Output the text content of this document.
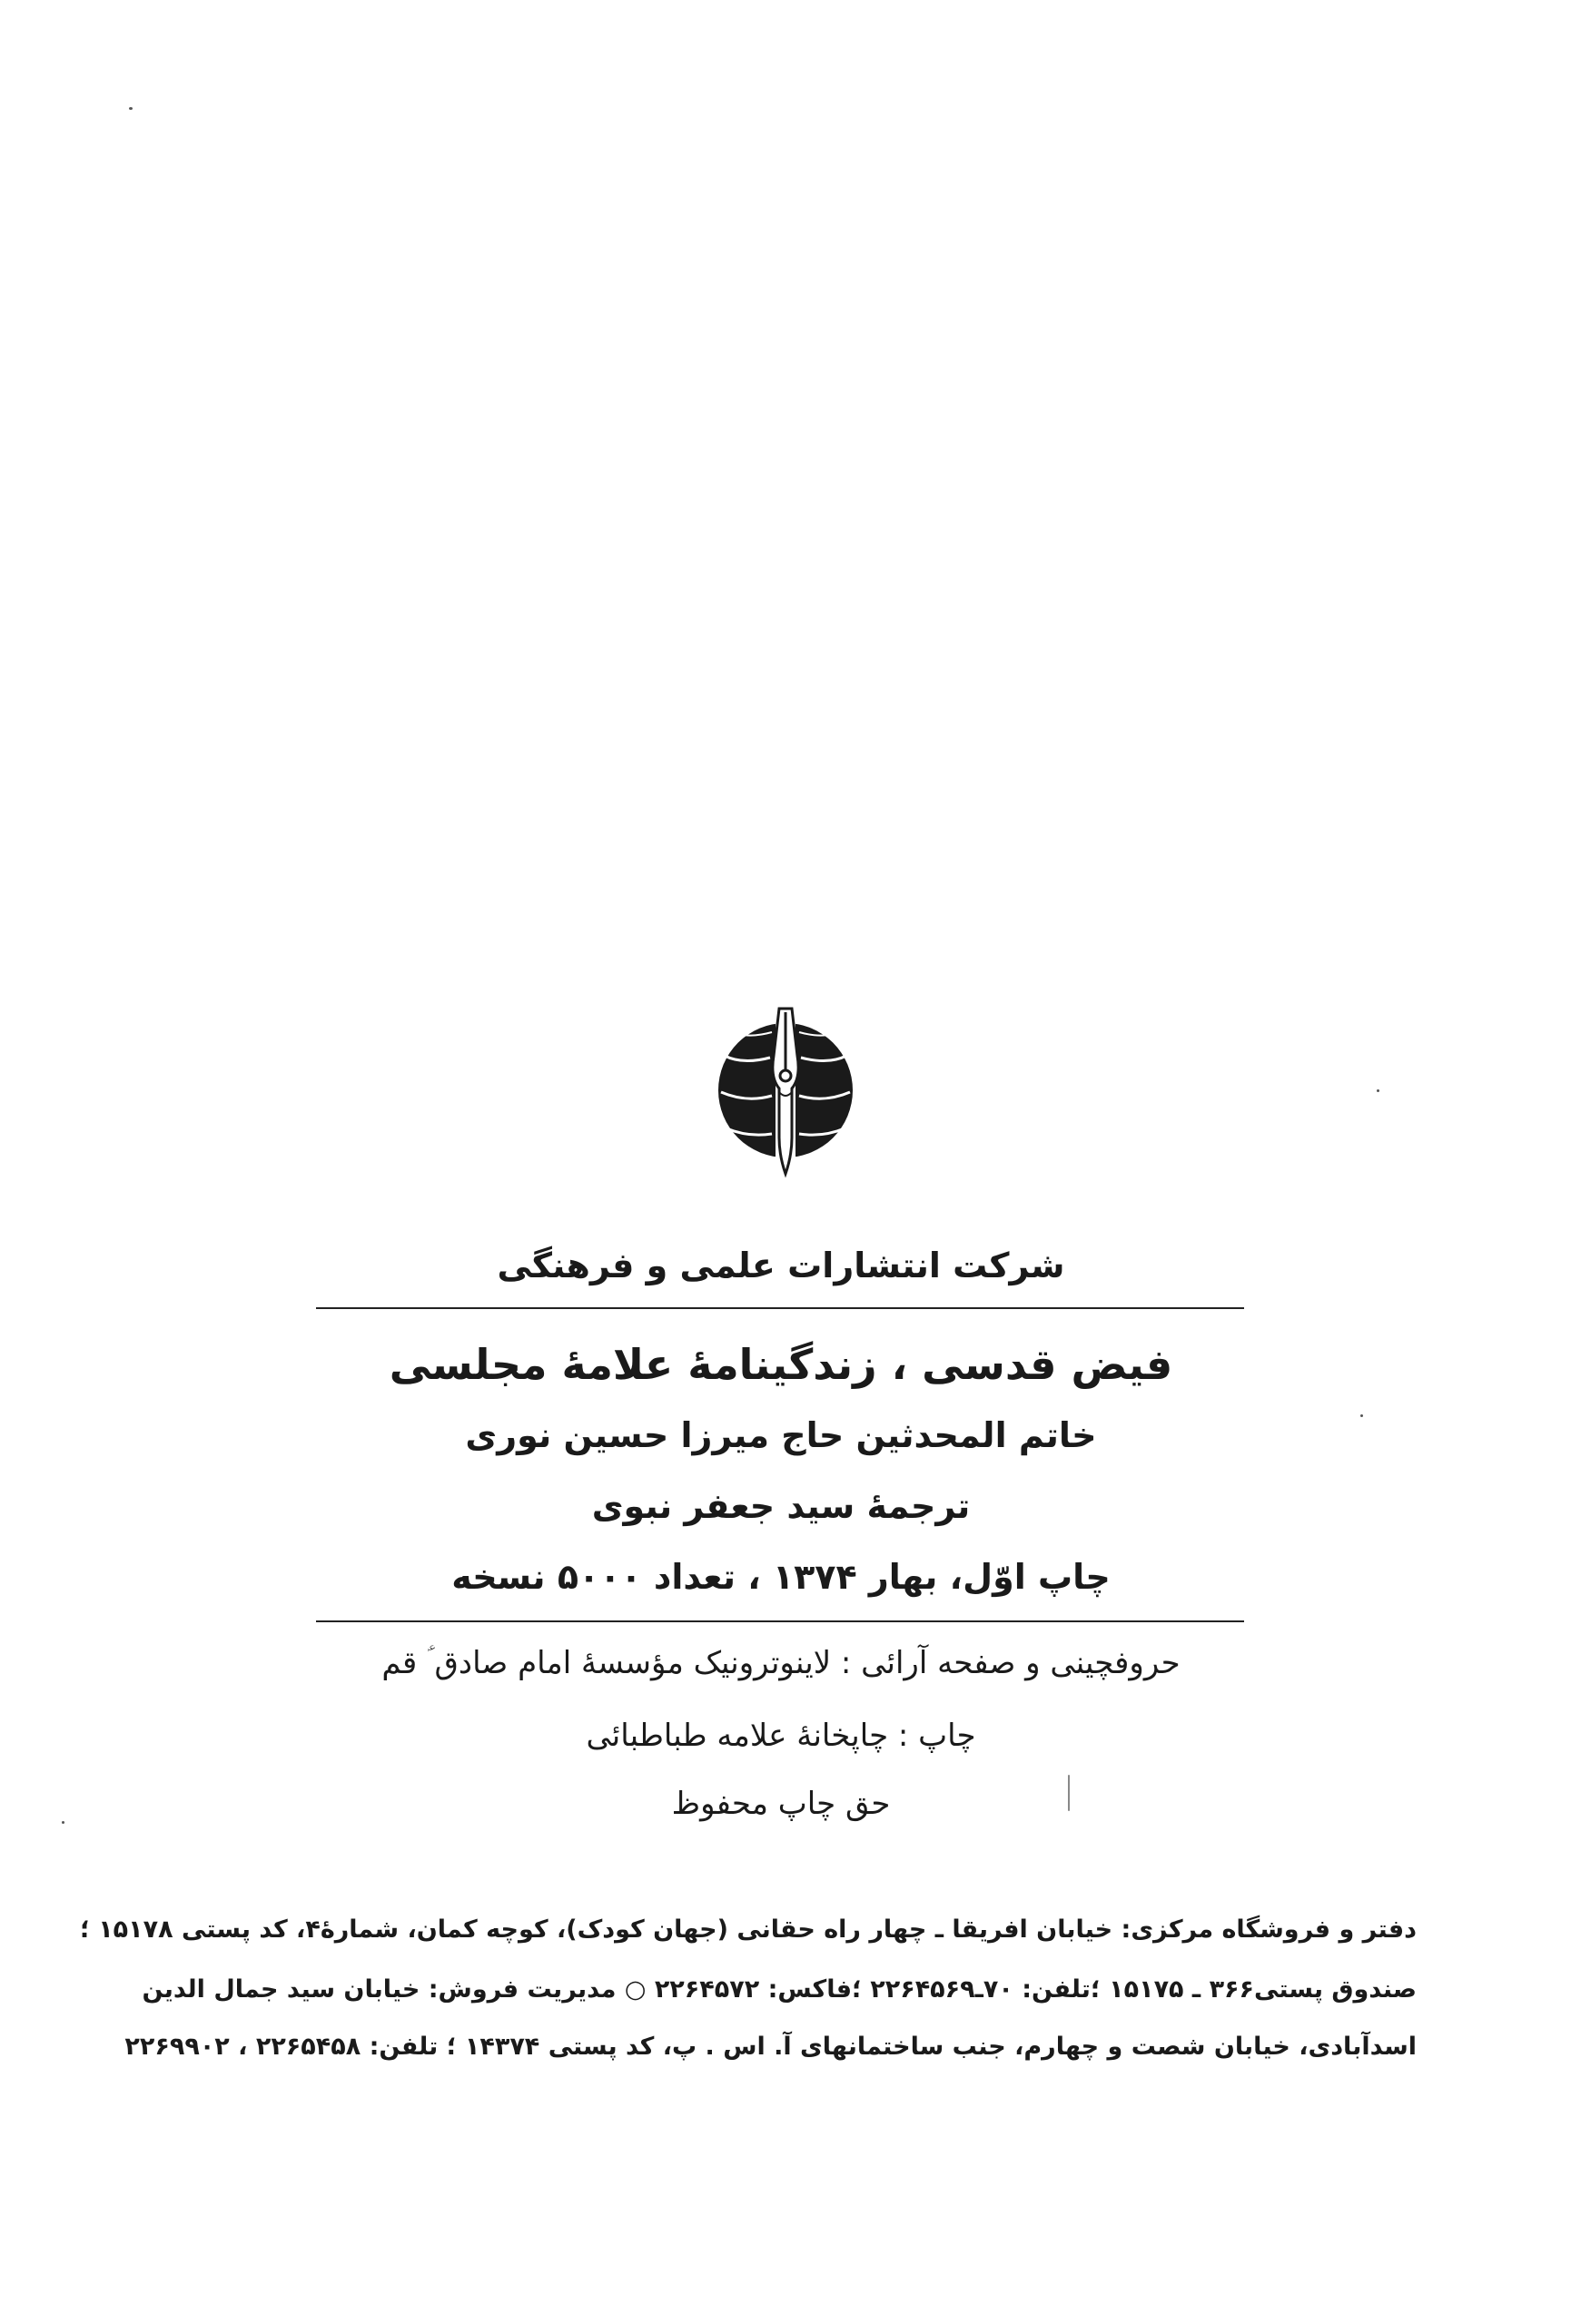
شرکت انتشارات علمی و فرهنگی
فیض قدسی ، زندگینامهٔ علامهٔ مجلسی
خاتم المحدثین حاج میرزا حسین نوری
ترجمهٔ سید جعفر نبوی
چاپ اوّل، بهار ۱۳۷۴ ، تعداد ۵۰۰۰ نسخه
حروفچینی و صفحه آرائی : لاینوترونیک مؤسسهٔ امام صادق ؑ قم
چاپ : چاپخانهٔ علامه طباطبائی
حق چاپ محفوظ
دفتر و فروشگاه مرکزی: خیابان افریقا ـ چهار راه حقانی (جهان کودک)، کوچه کمان، شمارهٔ۴، کد پستی ۱۵۱۷۸ ؛
صندوق پستی۳۶۶ ـ ۱۵۱۷۵ ؛تلفن: ۷۰ـ۲۲۶۴۵۶۹ ؛فاکس: ۲۲۶۴۵۷۲ ○ مدیریت فروش: خیابان سید جمال الدین
اسدآبادی، خیابان شصت و چهارم، جنب ساختمانهای آ. اس . پ، کد پستی ۱۴۳۷۴ ؛ تلفن: ۲۲۶۵۴۵۸ ، ۲۲۶۹۹۰۲
